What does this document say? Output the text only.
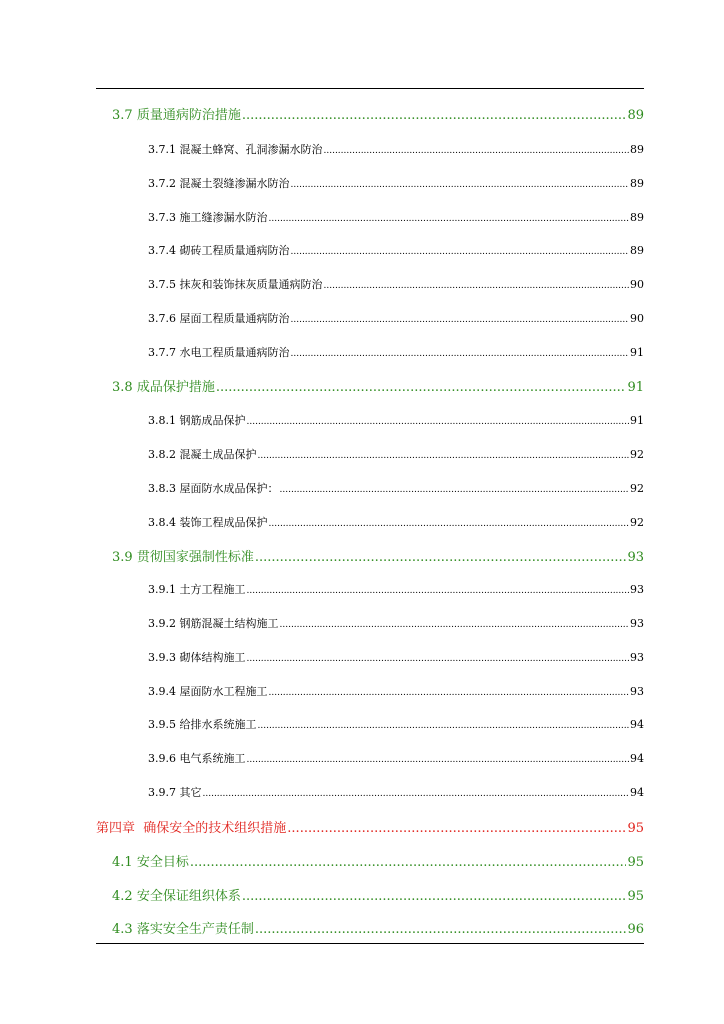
3.7 质量通病防治措施 .....	89
3.7.1 混凝土蜂窝、孔洞渗漏水防治 .....	89
3.7.2 混凝土裂缝渗漏水防治 .....	89
3.7.3 施工缝渗漏水防治 .....	89
3.7.4 砌砖工程质量通病防治 .....	89
3.7.5 抹灰和装饰抹灰质量通病防治 .....	90
3.7.6 屋面工程质量通病防治 .....	90
3.7.7 水电工程质量通病防治 .....	91
3.8 成品保护措施 .....	91
3.8.1 钢筋成品保护 .....	91
3.8.2 混凝土成品保护 .....	92
3.8.3 屋面防水成品保护： .....	92
3.8.4 装饰工程成品保护 .....	92
3.9 贯彻国家强制性标准 .....	93
3.9.1 土方工程施工 .....	93
3.9.2 钢筋混凝土结构施工 .....	93
3.9.3 砌体结构施工 .....	93
3.9.4 屋面防水工程施工 .....	93
3.9.5 给排水系统施工 .....	94
3.9.6 电气系统施工 .....	94
3.9.7 其它 .....	94
第四章 确保安全的技术组织措施 .....	95
4.1 安全目标 .....	95
4.2 安全保证组织体系 .....	95
4.3 落实安全生产责任制 .....	96
